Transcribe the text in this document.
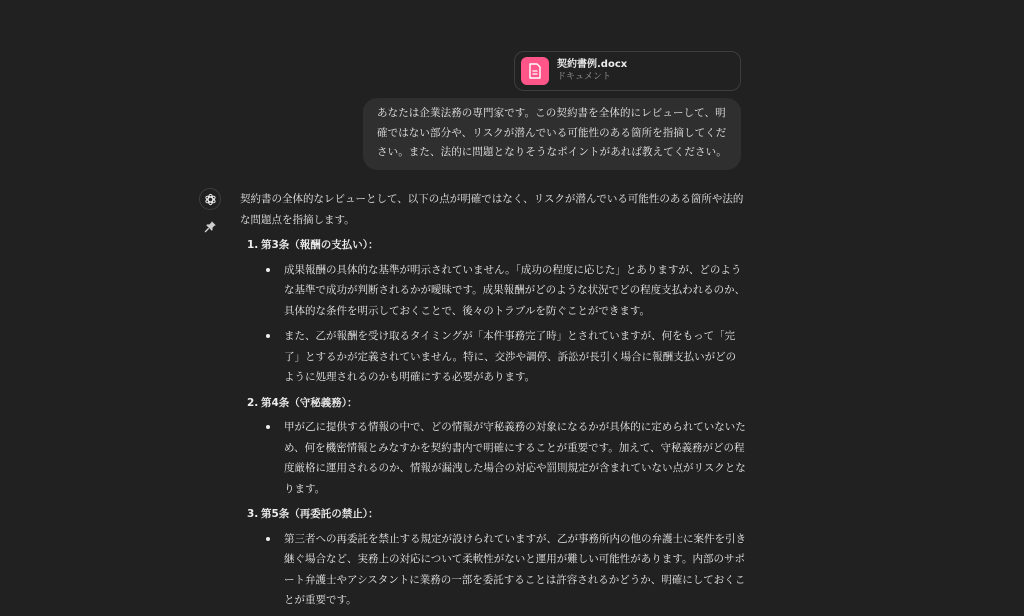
契約書例.docx
ドキュメント
あなたは企業法務の専門家です。この契約書を全体的にレビューして、明確ではない部分や、リスクが潜んでいる可能性のある箇所を指摘してください。また、法的に問題となりそうなポイントがあれば教えてください。

契約書の全体的なレビューとして、以下の点が明確ではなく、リスクが潜んでいる可能性のある箇所や法的な問題点を指摘します。

1. 第3条（報酬の支払い）：
成果報酬の具体的な基準が明示されていません。「成功の程度に応じた」とありますが、どのような基準で成功が判断されるかが曖昧です。成果報酬がどのような状況でどの程度支払われるのか、具体的な条件を明示しておくことで、後々のトラブルを防ぐことができます。
また、乙が報酬を受け取るタイミングが「本件事務完了時」とされていますが、何をもって「完了」とするかが定義されていません。特に、交渉や調停、訴訟が長引く場合に報酬支払いがどのように処理されるのかも明確にする必要があります。
2. 第4条（守秘義務）：
甲が乙に提供する情報の中で、どの情報が守秘義務の対象になるかが具体的に定められていないため、何を機密情報とみなすかを契約書内で明確にすることが重要です。加えて、守秘義務がどの程度厳格に運用されるのか、情報が漏洩した場合の対応や罰則規定が含まれていない点がリスクとなります。
3. 第5条（再委託の禁止）：
第三者への再委託を禁止する規定が設けられていますが、乙が事務所内の他の弁護士に案件を引き継ぐ場合など、実務上の対応について柔軟性がないと運用が難しい可能性があります。内部のサポート弁護士やアシスタントに業務の一部を委託することは許容されるかどうか、明確にしておくことが重要です。
